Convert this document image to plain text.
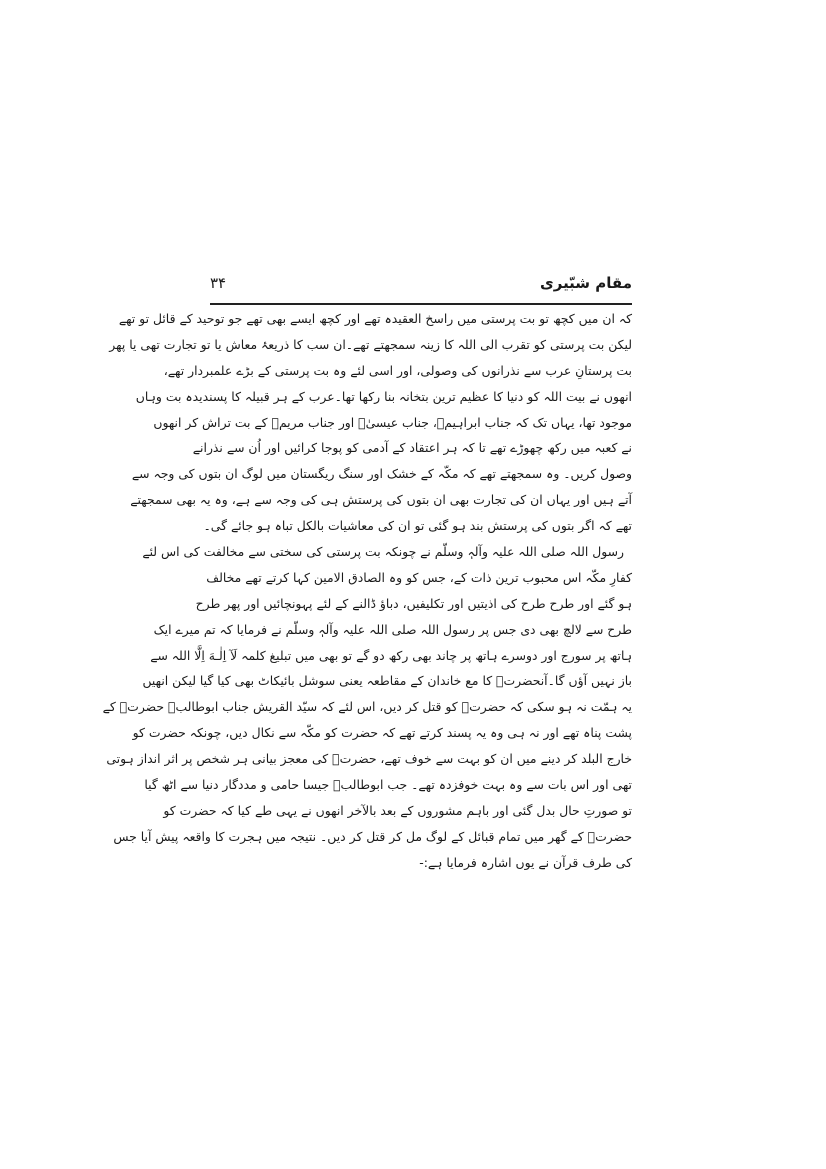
مقام شبّیری
۳۴
کہ ان میں کچھ تو بت پرستی میں راسخ العقیدہ تھے اور کچھ ایسے بھی تھے جو توحید کے قائل تو تھے
لیکن بت پرستی کو تقرب الی اللہ کا زینہ سمجھتے تھے۔ان سب کا ذریعۂ معاش یا تو تجارت تھی یا پھر
بت پرستانِ عرب سے نذرانوں کی وصولی، اور اسی لئے وہ بت پرستی کے بڑے علمبردار تھے،
انھوں نے بیت اللہ کو دنیا کا عظیم ترین بتخانہ بنا رکھا تھا۔عرب کے ہر قبیلہ کا پسندیدہ بت وہاں
موجود تھا، یہاں تک کہ جناب ابراہیمؑ، جناب عیسیٰؑ اور جناب مریمؑ کے بت تراش کر انھوں
نے کعبہ میں رکھ چھوڑے تھے تا کہ ہر اعتقاد کے آدمی کو پوجا کرائیں اور اُن سے نذرانے
وصول کریں۔ وہ سمجھتے تھے کہ مکّہ کے خشک اور سنگ ریگستان میں لوگ ان بتوں کی وجہ سے
آتے ہیں اور یہاں ان کی تجارت بھی ان بتوں کی پرستش ہی کی وجہ سے ہے، وہ یہ بھی سمجھتے
تھے کہ اگر بتوں کی پرستش بند ہو گئی تو ان کی معاشیات بالکل تباہ ہو جائے گی۔
رسول اللہ صلی اللہ علیہ وآلہٖ وسلّم نے چونکہ بت پرستی کی سختی سے مخالفت کی اس لئے
کفارِ مکّہ اس محبوب ترین ذات کے، جس کو وہ الصادق الامین کہا کرتے تھے مخالف
ہو گئے اور طرح طرح کی اذیتیں اور تکلیفیں، دباؤ ڈالنے کے لئے پہونچائیں اور پھر طرح
طرح سے لالچ بھی دی جس پر رسول اللہ صلی اللہ علیہ وآلہٖ وسلّم نے فرمایا کہ تم میرے ایک
ہاتھ پر سورج اور دوسرے ہاتھ پر چاند بھی رکھ دو گے تو بھی میں تبلیغ کلمہ لَآ اِلٰـهَ اِلَّا اللہ سے
باز نہیں آؤں گا۔آنحضرتؐ کا مع خاندان کے مقاطعہ یعنی سوشل بائیکاٹ بھی کیا گیا لیکن انھیں
یہ ہمّت نہ ہو سکی کہ حضرتؐ کو قتل کر دیں، اس لئے کہ سیّد القریش جناب ابوطالبؑ حضرتؐ کے
پشت پناہ تھے اور نہ ہی وہ یہ پسند کرتے تھے کہ حضرت کو مکّہ سے نکال دیں، چونکہ حضرت کو
خارج البلد کر دینے میں ان کو بہت سے خوف تھے، حضرتؐ کی معجز بیانی ہر شخص پر اثر انداز ہوتی
تھی اور اس بات سے وہ بہت خوفزدہ تھے۔ جب ابوطالبؑ جیسا حامی و مددگار دنیا سے اٹھ گیا
تو صورتِ حال بدل گئی اور باہم مشوروں کے بعد بالآخر انھوں نے یہی طے کیا کہ حضرت کو
حضرتؐ کے گھر میں تمام قبائل کے لوگ مل کر قتل کر دیں۔ نتیجہ میں ہجرت کا واقعہ پیش آیا جس
کی طرف قرآن نے یوں اشارہ فرمایا ہے:-
